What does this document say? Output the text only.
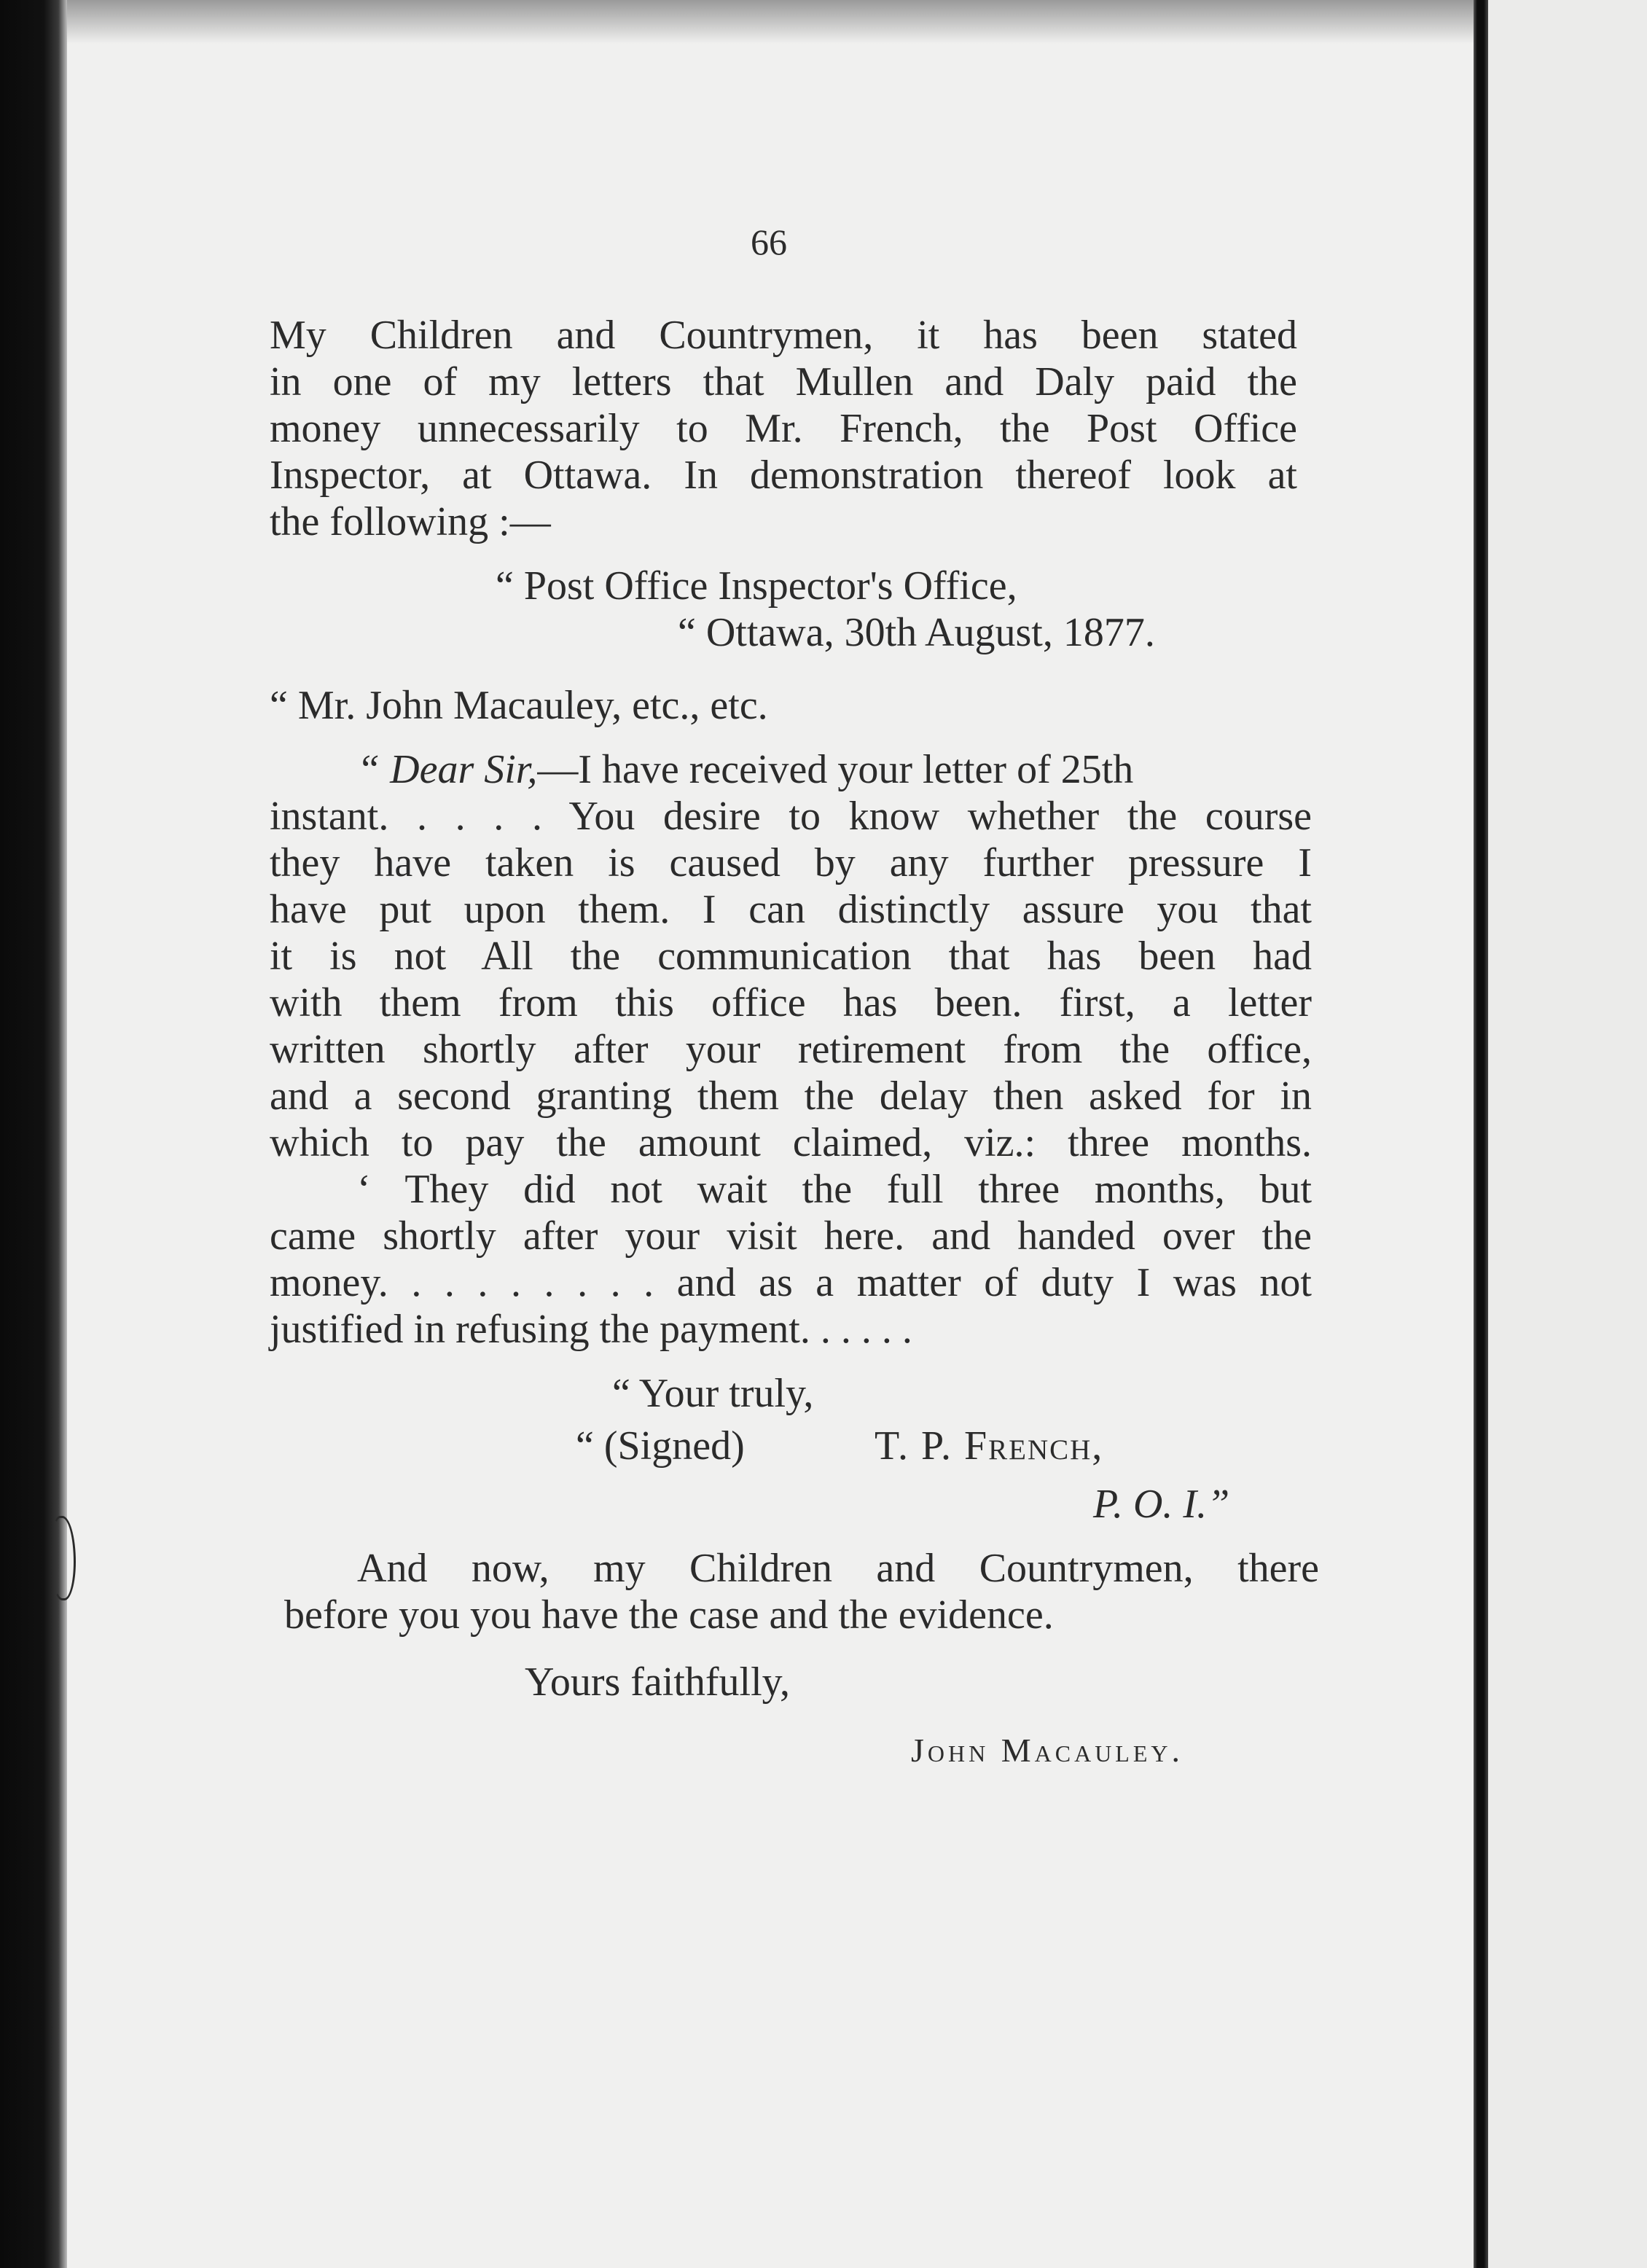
66
My Children and Countrymen, it has been stated
in one of my letters that Mullen and Daly paid the
money unnecessarily to Mr. French, the Post Office
Inspector, at Ottawa. In demonstration thereof look at
the following :—
“ Post Office Inspector's Office,
“ Ottawa, 30th August, 1877.
“ Mr. John Macauley, etc., etc.
“ Dear Sir,—I have received your letter of 25th
instant. . . . . You desire to know whether the course
they have taken is caused by any further pressure I
have put upon them. I can distinctly assure you that
it is not All the communication that has been had
with them from this office has been. first, a letter
written shortly after your retirement from the office,
and a second granting them the delay then asked for in
which to pay the amount claimed, viz.: three months.
‘ They did not wait the full three months, but
came shortly after your visit here. and handed over the
money. . . . . . . . . and as a matter of duty I was not
justified in refusing the payment. . . . . .
“ Your truly,
“ (Signed)	T. P. French,
P. O. I.”
And now, my Children and Countrymen, there
before you you have the case and the evidence.
Yours faithfully,
John Macauley.
